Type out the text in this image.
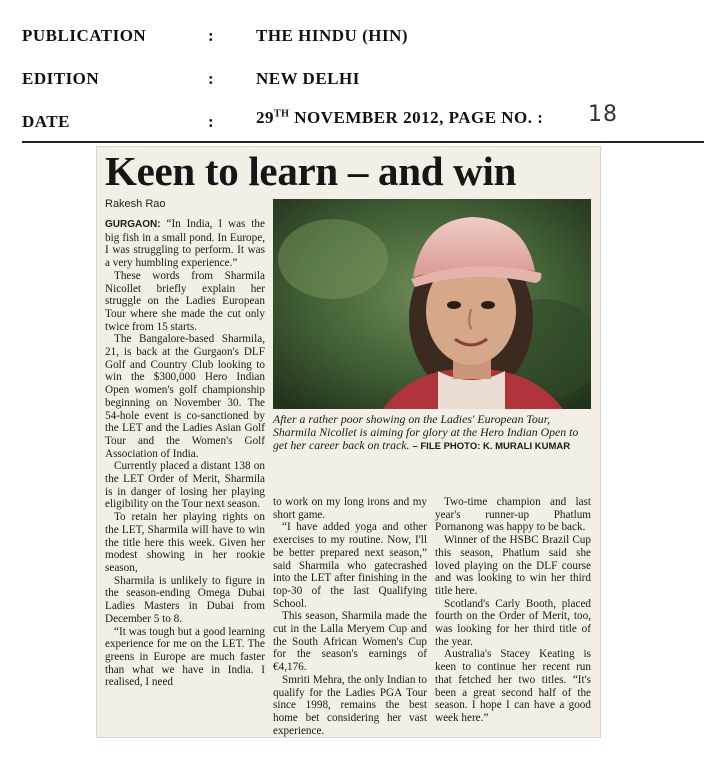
PUBLICATION	: THE HINDU (HIN)
EDITION	: NEW DELHI
DATE	: 29TH NOVEMBER 2012, PAGE NO. : 18
Keen to learn – and win
Rakesh Rao

GURGAON: “In India, I was the big fish in a small pond. In Europe, I was struggling to perform. It was a very humbling experience.”

These words from Sharmila Nicollet briefly explain her struggle on the Ladies European Tour where she made the cut only twice from 15 starts.

The Bangalore-based Sharmila, 21, is back at the Gurgaon's DLF Golf and Country Club looking to win the $300,000 Hero Indian Open women's golf championship beginning on November 30. The 54-hole event is co-sanctioned by the LET and the Ladies Asian Golf Tour and the Women's Golf Association of India.

Currently placed a distant 138 on the LET Order of Merit, Sharmila is in danger of losing her playing eligibility on the Tour next season.

To retain her playing rights on the LET, Sharmila will have to win the title here this week. Given her modest showing in her rookie season,

Sharmila is unlikely to figure in the season-ending Omega Dubai Ladies Masters in Dubai from December 5 to 8.

“It was tough but a good learning experience for me on the LET. The greens in Europe are much faster than what we have in India. I realised, I need

After a rather poor showing on the Ladies' European Tour, Sharmila Nicollet is aiming for glory at the Hero Indian Open to get her career back on track. – FILE PHOTO: K. MURALI KUMAR

to work on my long irons and my short game.

“I have added yoga and other exercises to my routine. Now, I'll be better prepared next season,” said Sharmila who gatecrashed into the LET after finishing in the top-30 of the last Qualifying School.

This season, Sharmila made the cut in the Lalla Meryem Cup and the South African Women's Cup for the season's earnings of €4,176.

Smriti Mehra, the only Indian to qualify for the Ladies PGA Tour since 1998, remains the best home bet considering her vast experience.

Two-time champion and last year's runner-up Phatlum Pornanong was happy to be back.

Winner of the HSBC Brazil Cup this season, Phatlum said she loved playing on the DLF course and was looking to win her third title here.

Scotland's Carly Booth, placed fourth on the Order of Merit, too, was looking for her third title of the year.

Australia's Stacey Keating is keen to continue her recent run that fetched her two titles. “It's been a great second half of the season. I hope I can have a good week here.”
